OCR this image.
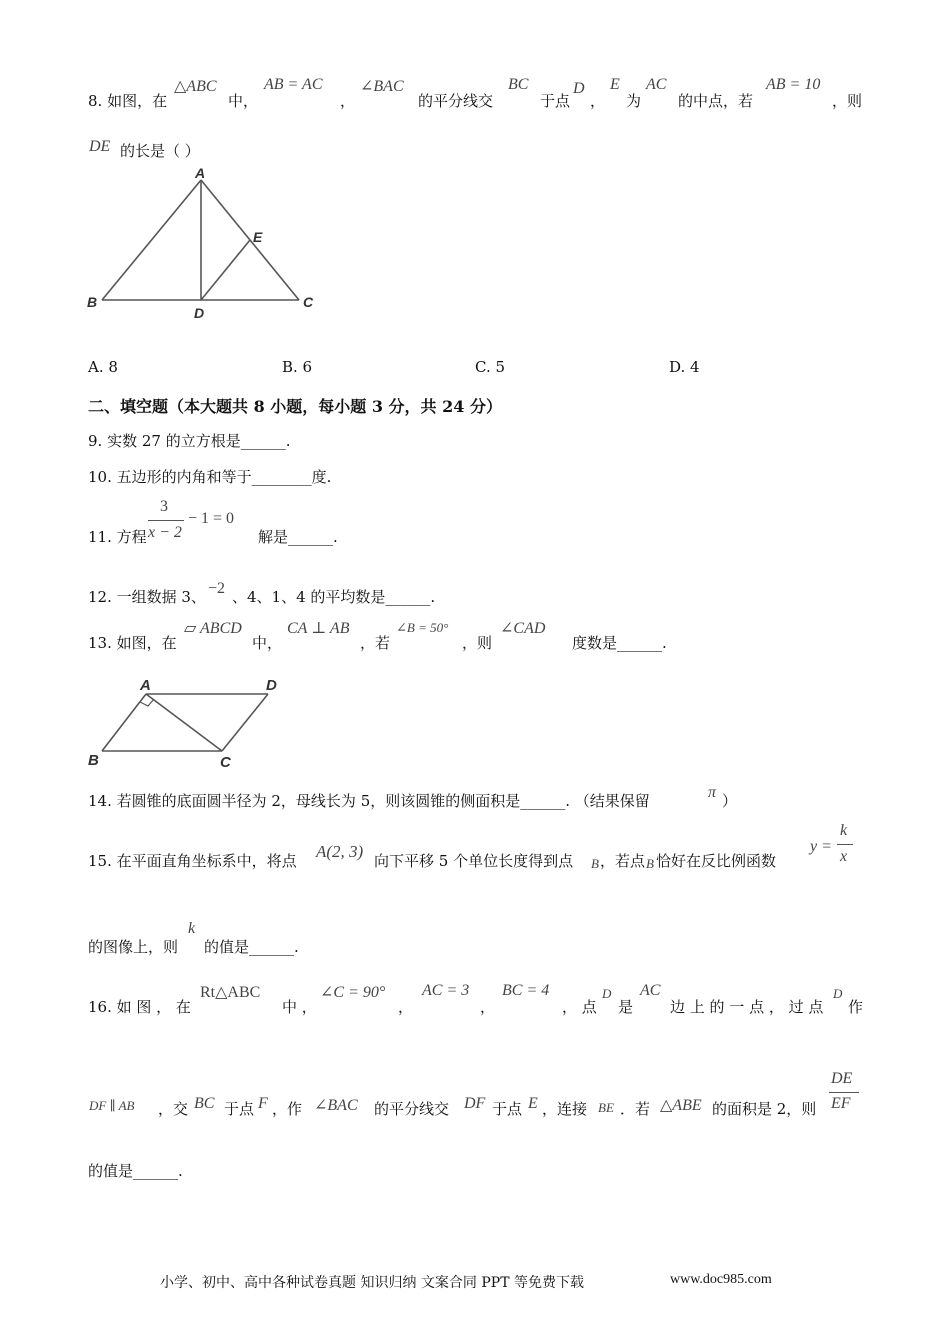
8. 如图，在
△ABC
中，
AB = AC
，
∠BAC
的平分线交
BC
于点
D
，
E
为
AC
的中点，若
AB = 10
，则
DE 的长是（ ）
A
B	C
D
E
A. 8	B. 6	C. 5	D. 4
二、填空题（本大题共 8 小题，每小题 3 分，共 24 分）
9. 实数 27 的立方根是______.
10. 五边形的内角和等于________度.
11. 方程
3
x − 2
− 1 = 0
解是______.
12. 一组数据 3、 −2 、4、1、4 的平均数是______.
13. 如图，在
▱ ABCD
中，
CA ⊥ AB
，若
∠B = 50°
，则
∠CAD
度数是______.
A	D
B	C
14. 若圆锥的底面圆半径为 2，母线长为 5，则该圆锥的侧面积是______. （结果保留	π ）
15. 在平面直角坐标系中，将点 A(2, 3) 向下平移 5 个单位长度得到点 B ，若点 B 恰好在反比例函数
y =
k
x
的图像上，则
k
的值是______.
16. 如 图 ， 在
Rt△ABC
中 ，
∠C = 90°
，
AC = 3
，
BC = 4
， 点
D
是
AC
边 上 的 一 点 ， 过 点
D
作
DF ∥ AB ，交 BC 于点 F ，作 ∠BAC 的平分线交 DF 于点 E ，连接 BE ．若 △ABE 的面积是 2，则
DE
EF
的值是______.
小学、初中、高中各种试卷真题 知识归纳 文案合同 PPT 等免费下载	www.doc985.com
